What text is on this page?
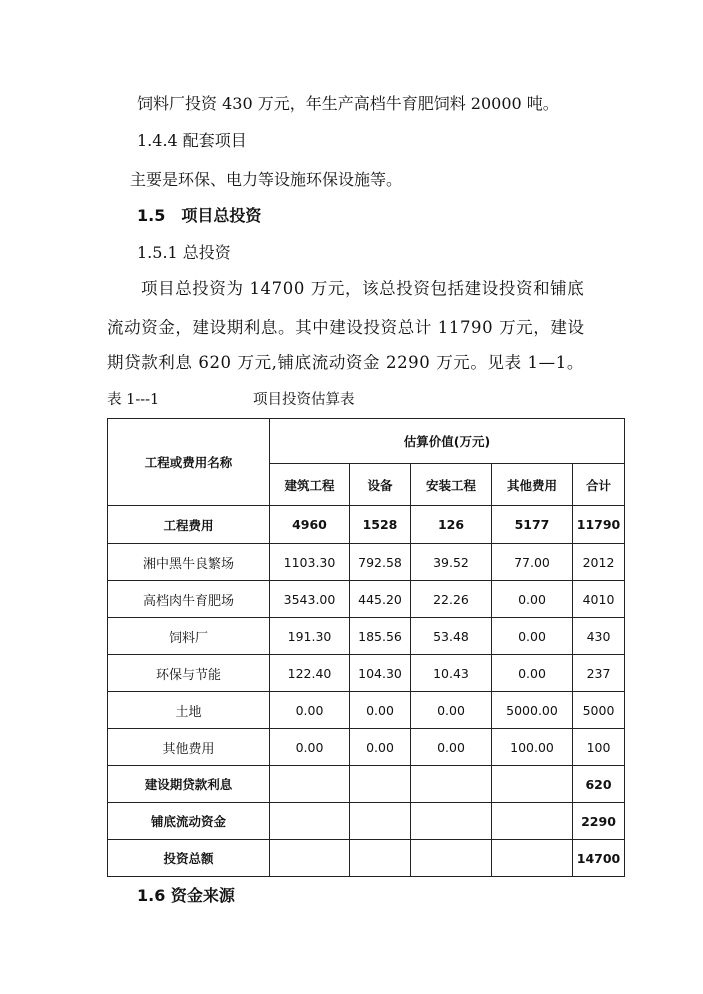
饲料厂投资 430 万元，年生产高档牛育肥饲料 20000 吨。
1.4.4 配套项目
主要是环保、电力等设施环保设施等。
1.5　项目总投资
1.5.1 总投资
项目总投资为 14700 万元，该总投资包括建设投资和铺底
流动资金，建设期利息。其中建设投资总计 11790 万元，建设
期贷款利息 620 万元,铺底流动资金 2290 万元。见表 1—1。
表 1---1	项目投资估算表
工程或费用名称	估算价值(万元)				
	建筑工程	设备	安装工程	其他费用	合计
工程费用	4960	1528	126	5177	11790
湘中黑牛良繁场	1103.30	792.58	39.52	77.00	2012
高档肉牛育肥场	3543.00	445.20	22.26	0.00	4010
饲料厂	191.30	185.56	53.48	0.00	430
环保与节能	122.40	104.30	10.43	0.00	237
土地	0.00	0.00	0.00	5000.00	5000
其他费用	0.00	0.00	0.00	100.00	100
建设期贷款利息					620
铺底流动资金					2290
投资总额					14700
1.6 资金来源
